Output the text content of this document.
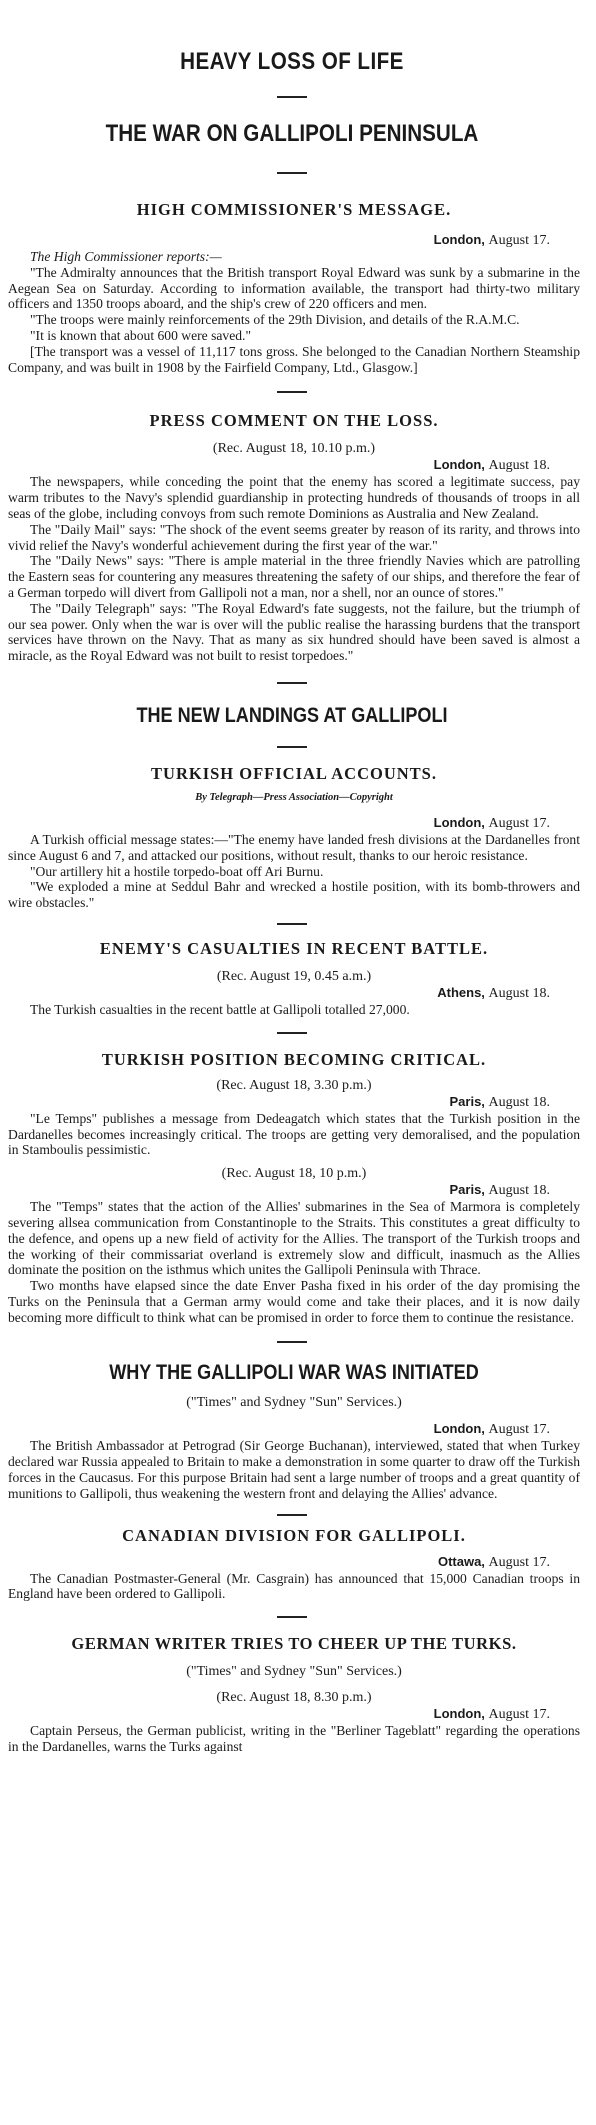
HEAVY LOSS OF LIFE
THE WAR ON GALLIPOLI PENINSULA
HIGH COMMISSIONER'S MESSAGE.
London, August 17.

The High Commissioner reports:—

"The Admiralty announces that the British transport Royal Edward was sunk by a submarine in the Aegean Sea on Saturday. According to information available, the transport had thirty-two military officers and 1350 troops aboard, and the ship's crew of 220 officers and men.

"The troops were mainly reinforcements of the 29th Division, and details of the R.A.M.C.

"It is known that about 600 were saved."

[The transport was a vessel of 11,117 tons gross. She belonged to the Canadian Northern Steamship Company, and was built in 1908 by the Fairfield Company, Ltd., Glasgow.]

PRESS COMMENT ON THE LOSS.

(Rec. August 18, 10.10 p.m.)

London, August 18.

The newspapers, while conceding the point that the enemy has scored a legitimate success, pay warm tributes to the Navy's splendid guardianship in protecting hundreds of thousands of troops in all seas of the globe, including convoys from such remote Dominions as Australia and New Zealand.

The "Daily Mail" says: "The shock of the event seems greater by reason of its rarity, and throws into vivid relief the Navy's wonderful achievement during the first year of the war."

The "Daily News" says: "There is ample material in the three friendly Navies which are patrolling the Eastern seas for countering any measures threatening the safety of our ships, and therefore the fear of a German torpedo will divert from Gallipoli not a man, nor a shell, nor an ounce of stores."

The "Daily Telegraph" says: "The Royal Edward's fate suggests, not the failure, but the triumph of our sea power. Only when the war is over will the public realise the harassing burdens that the transport services have thrown on the Navy. That as many as six hundred should have been saved is almost a miracle, as the Royal Edward was not built to resist torpedoes."

THE NEW LANDINGS AT GALLIPOLI
TURKISH OFFICIAL ACCOUNTS.

By Telegraph—Press Association—Copyright

London, August 17.

A Turkish official message states:—"The enemy have landed fresh divisions at the Dardanelles front since August 6 and 7, and attacked our positions, without result, thanks to our heroic resistance.

"Our artillery hit a hostile torpedo-boat off Ari Burnu.

"We exploded a mine at Seddul Bahr and wrecked a hostile position, with its bomb-throwers and wire obstacles."

ENEMY'S CASUALTIES IN RECENT BATTLE.

(Rec. August 19, 0.45 a.m.)

Athens, August 18.

The Turkish casualties in the recent battle at Gallipoli totalled 27,000.

TURKISH POSITION BECOMING CRITICAL.

(Rec. August 18, 3.30 p.m.)

Paris, August 18.

"Le Temps" publishes a message from Dedeagatch which states that the Turkish position in the Dardanelles becomes increasingly critical. The troops are getting very demoralised, and the population in Stamboulis pessimistic.

(Rec. August 18, 10 p.m.)

Paris, August 18.

The "Temps" states that the action of the Allies' submarines in the Sea of Marmora is completely severing allsea communication from Constantinople to the Straits. This constitutes a great difficulty to the defence, and opens up a new field of activity for the Allies. The transport of the Turkish troops and the working of their commissariat overland is extremely slow and difficult, inasmuch as the Allies dominate the position on the isthmus which unites the Gallipoli Peninsula with Thrace.

Two months have elapsed since the date Enver Pasha fixed in his order of the day promising the Turks on the Peninsula that a German army would come and take their places, and it is now daily becoming more difficult to think what can be promised in order to force them to continue the resistance.

WHY THE GALLIPOLI WAR WAS INITIATED

("Times" and Sydney "Sun" Services.)

London, August 17.

The British Ambassador at Petrograd (Sir George Buchanan), interviewed, stated that when Turkey declared war Russia appealed to Britain to make a demonstration in some quarter to draw off the Turkish forces in the Caucasus. For this purpose Britain had sent a large number of troops and a great quantity of munitions to Gallipoli, thus weakening the western front and delaying the Allies' advance.

CANADIAN DIVISION FOR GALLIPOLI.
Ottawa, August 17.

The Canadian Postmaster-General (Mr. Casgrain) has announced that 15,000 Canadian troops in England have been ordered to Gallipoli.

GERMAN WRITER TRIES TO CHEER UP THE TURKS.

("Times" and Sydney "Sun" Services.)

(Rec. August 18, 8.30 p.m.)

London, August 17.

Captain Perseus, the German publicist, writing in the "Berliner Tageblatt" regarding the operations in the Dardanelles, warns the Turks against
